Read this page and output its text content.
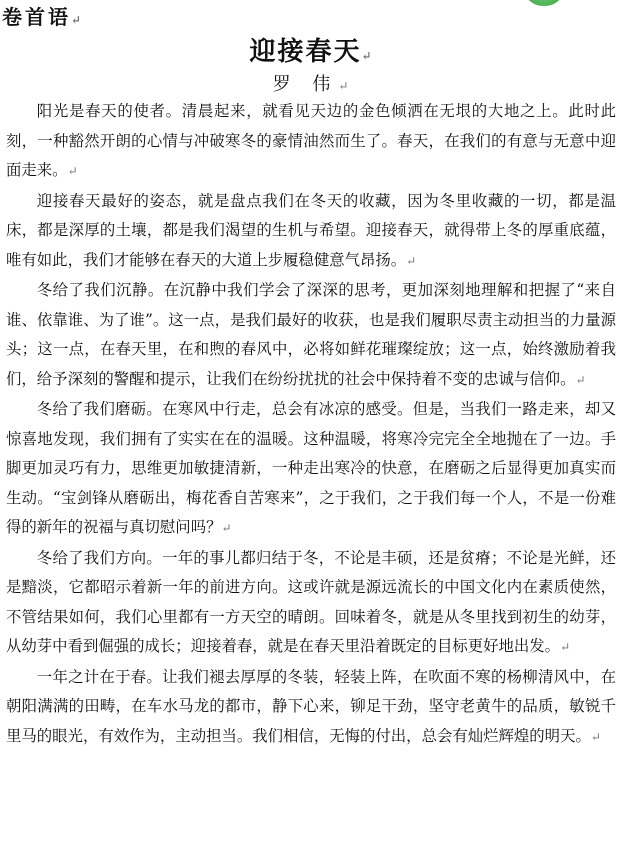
卷首语↵
迎接春天↵
罗 伟↵

阳光是春天的使者。清晨起来，就看见天边的金色倾洒在无垠的大地之上。此时此刻，一种豁然开朗的心情与冲破寒冬的豪情油然而生了。春天，在我们的有意与无意中迎面走来。↵

迎接春天最好的姿态，就是盘点我们在冬天的收藏，因为冬里收藏的一切，都是温床，都是深厚的土壤，都是我们渴望的生机与希望。迎接春天，就得带上冬的厚重底蕴，唯有如此，我们才能够在春天的大道上步履稳健意气昂扬。↵

冬给了我们沉静。在沉静中我们学会了深深的思考，更加深刻地理解和把握了“来自谁、依靠谁、为了谁”。这一点，是我们最好的收获，也是我们履职尽责主动担当的力量源头；这一点，在春天里，在和煦的春风中，必将如鲜花璀璨绽放；这一点，始终激励着我们，给予深刻的警醒和提示，让我们在纷纷扰扰的社会中保持着不变的忠诚与信仰。↵

冬给了我们磨砺。在寒风中行走，总会有冰凉的感受。但是，当我们一路走来，却又惊喜地发现，我们拥有了实实在在的温暖。这种温暖，将寒冷完完全全地抛在了一边。手脚更加灵巧有力，思维更加敏捷清新，一种走出寒冷的快意，在磨砺之后显得更加真实而生动。“宝剑锋从磨砺出，梅花香自苦寒来”，之于我们，之于我们每一个人，不是一份难得的新年的祝福与真切慰问吗？↵

冬给了我们方向。一年的事儿都归结于冬，不论是丰硕，还是贫瘠；不论是光鲜，还是黯淡，它都昭示着新一年的前进方向。这或许就是源远流长的中国文化内在素质使然，不管结果如何，我们心里都有一方天空的晴朗。回味着冬，就是从冬里找到初生的幼芽，从幼芽中看到倔强的成长；迎接着春，就是在春天里沿着既定的目标更好地出发。↵

一年之计在于春。让我们褪去厚厚的冬装，轻装上阵，在吹面不寒的杨柳清风中，在朝阳满满的田畴，在车水马龙的都市，静下心来，铆足干劲，坚守老黄牛的品质，敏锐千里马的眼光，有效作为，主动担当。我们相信，无悔的付出，总会有灿烂辉煌的明天。↵
